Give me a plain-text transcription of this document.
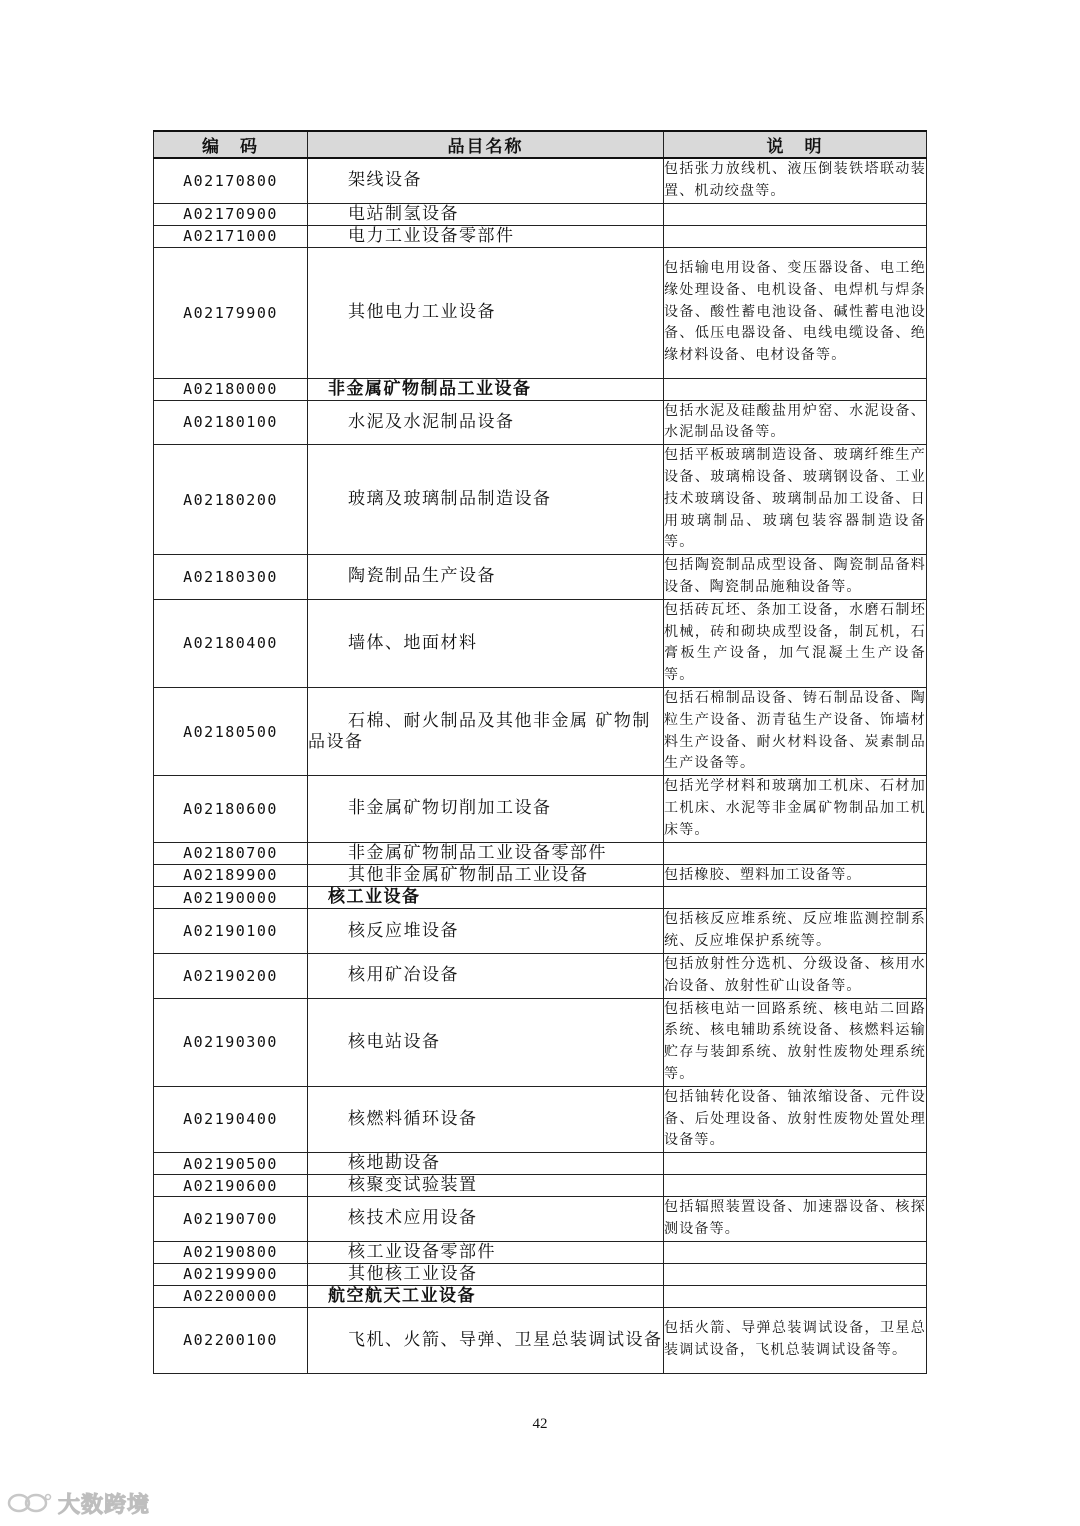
编　码	品目名称	说　明
A02170800	架线设备	包括张力放线机、液压倒装铁塔联动装置、机动绞盘等。
A02170900	电站制氢设备	

A02171000	电力工业设备零部件	

A02179900	其他电力工业设备	包括输电用设备、变压器设备、电工绝缘处理设备、电机设备、电焊机与焊条设备、酸性蓄电池设备、碱性蓄电池设备、低压电器设备、电线电缆设备、绝缘材料设备、电材设备等。
A02180000	非金属矿物制品工业设备	

A02180100	水泥及水泥制品设备	包括水泥及硅酸盐用炉窑、水泥设备、水泥制品设备等。
A02180200	玻璃及玻璃制品制造设备	包括平板玻璃制造设备、玻璃纤维生产设备、玻璃棉设备、玻璃钢设备、工业技术玻璃设备、玻璃制品加工设备、日用玻璃制品、玻璃包装容器制造设备等。
A02180300	陶瓷制品生产设备	包括陶瓷制品成型设备、陶瓷制品备料设备、陶瓷制品施釉设备等。
A02180400	墙体、地面材料	包括砖瓦坯、条加工设备，水磨石制坯机械，砖和砌块成型设备，制瓦机，石膏板生产设备，加气混凝土生产设备等。
A02180500	石棉、耐火制品及其他非金属 矿物制品设备	包括石棉制品设备、铸石制品设备、陶粒生产设备、沥青毡生产设备、饰墙材料生产设备、耐火材料设备、炭素制品生产设备等。
A02180600	非金属矿物切削加工设备	包括光学材料和玻璃加工机床、石材加工机床、水泥等非金属矿物制品加工机床等。
A02180700	非金属矿物制品工业设备零部件	

A02189900	其他非金属矿物制品工业设备	包括橡胶、塑料加工设备等。
A02190000	核工业设备	

A02190100	核反应堆设备	包括核反应堆系统、反应堆监测控制系统、反应堆保护系统等。
A02190200	核用矿冶设备	包括放射性分选机、分级设备、核用水冶设备、放射性矿山设备等。
A02190300	核电站设备	包括核电站一回路系统、核电站二回路系统、核电辅助系统设备、核燃料运输贮存与装卸系统、放射性废物处理系统等。
A02190400	核燃料循环设备	包括铀转化设备、铀浓缩设备、元件设备、后处理设备、放射性废物处置处理设备等。
A02190500	核地勘设备	

A02190600	核聚变试验装置	

A02190700	核技术应用设备	包括辐照装置设备、加速器设备、核探测设备等。
A02190800	核工业设备零部件	

A02199900	其他核工业设备	

A02200000	航空航天工业设备	

A02200100	飞机、火箭、导弹、卫星总装调试设备	包括火箭、导弹总装调试设备，卫星总装调试设备，飞机总装调试设备等。
42
大数跨境
